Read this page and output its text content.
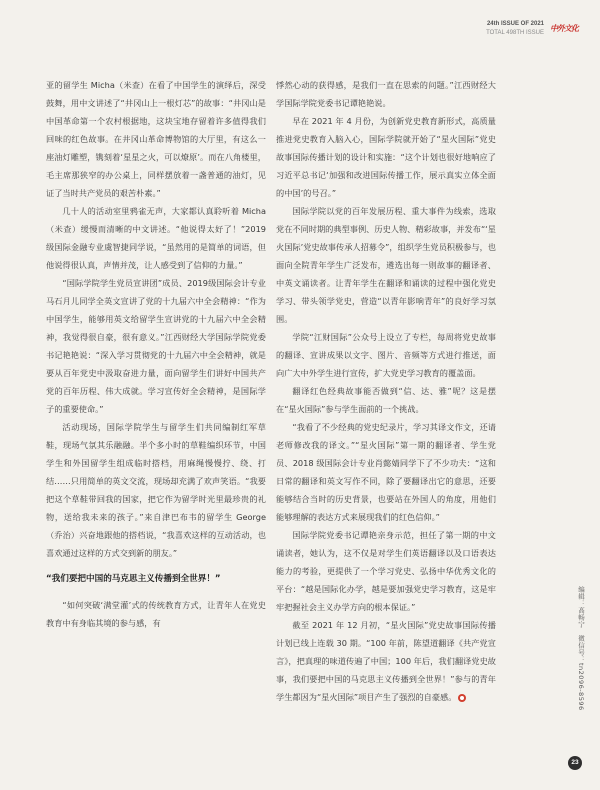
24th ISSUE OF 2021
TOTAL 498TH ISSUE 中外文化

亚的留学生 Micha（米查）在看了中国学生的演绎后，深受鼓舞，用中文讲述了“井冈山上一根灯芯”的故事：“井冈山是中国革命第一个农村根据地，这块宝地存留着许多值得我们回味的红色故事。在井冈山革命博物馆的大厅里，有这么一座油灯雕塑，镌刻着‘星星之火，可以燎原’。而在八角楼里，毛主席那狭窄的办公桌上，同样摆放着一盏普通的油灯，见证了当时共产党员的艰苦朴素。”

几十人的活动室里鸦雀无声，大家都认真聆听着 Micha（米查）缓慢而清晰的中文讲述。“他说得太好了！”2019 级国际金融专业虞智捷同学说，“虽然用的是简单的词语，但他说得很认真，声情并茂，让人感受到了信仰的力量。”

“国际学院学生党员宣讲团”成员、2019级国际会计专业马石月儿同学全英文宣讲了党的十九届六中全会精神：“作为中国学生，能够用英文给留学生宣讲党的十九届六中全会精神，我觉得很自豪，很有意义。”江西财经大学国际学院党委书记艳艳说：“深入学习贯彻党的十九届六中全会精神，就是要从百年党史中汲取奋进力量，面向留学生们讲好中国共产党的百年历程、伟大成就。学习宣传好全会精神，是国际学子的重要使命。”

活动现场，国际学院学生与留学生们共同编制红军草鞋，现场气氛其乐融融。半个多小时的草鞋编织环节，中国学生和外国留学生组成临时搭档，用麻绳慢慢拧、绕、打结……只用简单的英文交流，现场却充满了欢声笑语。“我要把这个草鞋带回我的国家，把它作为留学时光里最珍贵的礼物，送给我未来的孩子。”来自津巴布韦的留学生 George（乔治）兴奋地跟他的搭档说，“我喜欢这样的互动活动，也喜欢通过这样的方式交到新的朋友。”

“我们要把中国的马克思主义传播到全世界！”

“如何突破‘满堂灌’式的传统教育方式，让青年人在党史教育中有身临其境的参与感，有

悸然心动的获得感，是我们一直在思索的问题。”江西财经大学国际学院党委书记谭艳艳说。

早在 2021 年 4 月份，为创新党史教育新形式，高质量推进党史教育入脑入心，国际学院就开始了“星火国际”党史故事国际传播计划的设计和实施：“这个计划也很好地响应了习近平总书记‘加强和改进国际传播工作，展示真实立体全面的中国’的号召。”

国际学院以党的百年发展历程、重大事件为线索，选取党在不同时期的典型事例、历史人物、精彩故事，并发布“‘星火国际’党史故事传承人招募令”，组织学生党员积极参与，也面向全院青年学生广泛发布，遴选出每一则故事的翻译者、中英文诵读者。让青年学生在翻译和诵读的过程中强化党史学习、带头领学党史，营造“以青年影响青年”的良好学习氛围。

学院“江财国际”公众号上设立了专栏，每周将党史故事的翻译、宣讲成果以文字、图片、音频等方式进行推送，面向广大中外学生进行宣传，扩大党史学习教育的覆盖面。

翻译红色经典故事能否做到“信、达、雅”呢？这是摆在“星火国际”参与学生面前的一个挑战。

“我看了不少经典的党史纪录片，学习其译文作文，还请老师修改我的译文。”“星火国际”第一期的翻译者、学生党员、2018 级国际会计专业肖懿婧同学下了不少功夫：“这和日常的翻译和英文写作不同，除了要翻译出它的意思，还要能够结合当时的历史背景，也要站在外国人的角度，用他们能够理解的表达方式来展现我们的红色信仰。”

国际学院党委书记谭艳亲身示范，担任了第一期的中文诵读者，她认为，这不仅是对学生们英语翻译以及口语表达能力的考验，更提供了一个学习党史、弘扬中华优秀文化的平台：“越是国际化办学，越是要加强党史学习教育，这是牢牢把握社会主义办学方向的根本保证。”

截至 2021 年 12 月初，“星火国际”党史故事国际传播计划已线上连载 30 期。“100 年前，陈望道翻译《共产党宣言》，把真理的味道传遍了中国；100 年后，我们翻译党史故事，我们要把中国的马克思主义传播到全世界！”参与的青年学生都因为“星火国际”项目产生了强烈的自豪感。	编辑：高畅宁　微信号：tn2096-8596
23
